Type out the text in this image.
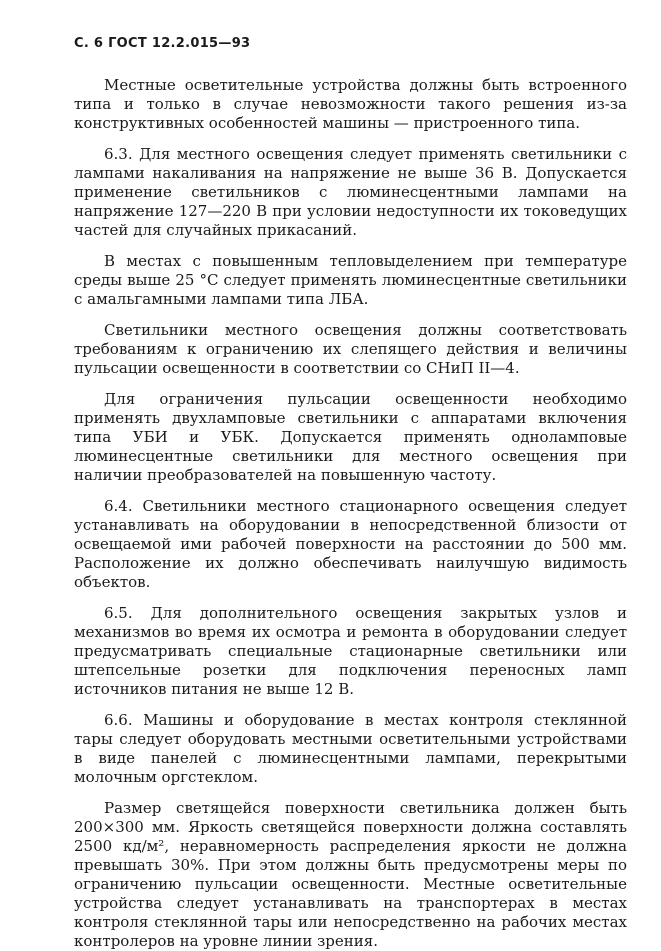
С. 6 ГОСТ 12.2.015—93

Местные осветительные устройства должны быть встроенного типа и только в случае невозможности такого решения из-за конструктивных особенностей машины — пристроенного типа.

6.3. Для местного освещения следует применять светильники с лампами накаливания на напряжение не выше 36 В. Допускается применение светильников с люминесцентными лампами на напряжение 127—220 В при условии недоступности их токоведущих частей для случайных прикасаний.

В местах с повышенным тепловыделением при температуре среды выше 25 °С следует применять люминесцентные светильники с амальгамными лампами типа ЛБА.

Светильники местного освещения должны соответствовать требованиям к ограничению их слепящего действия и величины пульсации освещенности в соответствии со СНиП II—4.

Для ограничения пульсации освещенности необходимо применять двухламповые светильники с аппаратами включения типа УБИ и УБК. Допускается применять одноламповые люминесцентные светильники для местного освещения при наличии преобразователей на повышенную частоту.

6.4. Светильники местного стационарного освещения следует устанавливать на оборудовании в непосредственной близости от освещаемой ими рабочей поверхности на расстоянии до 500 мм. Расположение их должно обеспечивать наилучшую видимость объектов.

6.5. Для дополнительного освещения закрытых узлов и механизмов во время их осмотра и ремонта в оборудовании следует предусматривать специальные стационарные светильники или штепсельные розетки для подключения переносных ламп источников питания не выше 12 В.

6.6. Машины и оборудование в местах контроля стеклянной тары следует оборудовать местными осветительными устройствами в виде панелей с люминесцентными лампами, перекрытыми молочным оргстеклом.

Размер светящейся поверхности светильника должен быть 200×300 мм. Яркость светящейся поверхности должна составлять 2500 кд/м², неравномерность распределения яркости не должна превышать 30%. При этом должны быть предусмотрены меры по ограничению пульсации освещенности. Местные осветительные устройства следует устанавливать на транспортерах в местах контроля стеклянной тары или непосредственно на рабочих местах контролеров на уровне линии зрения.
